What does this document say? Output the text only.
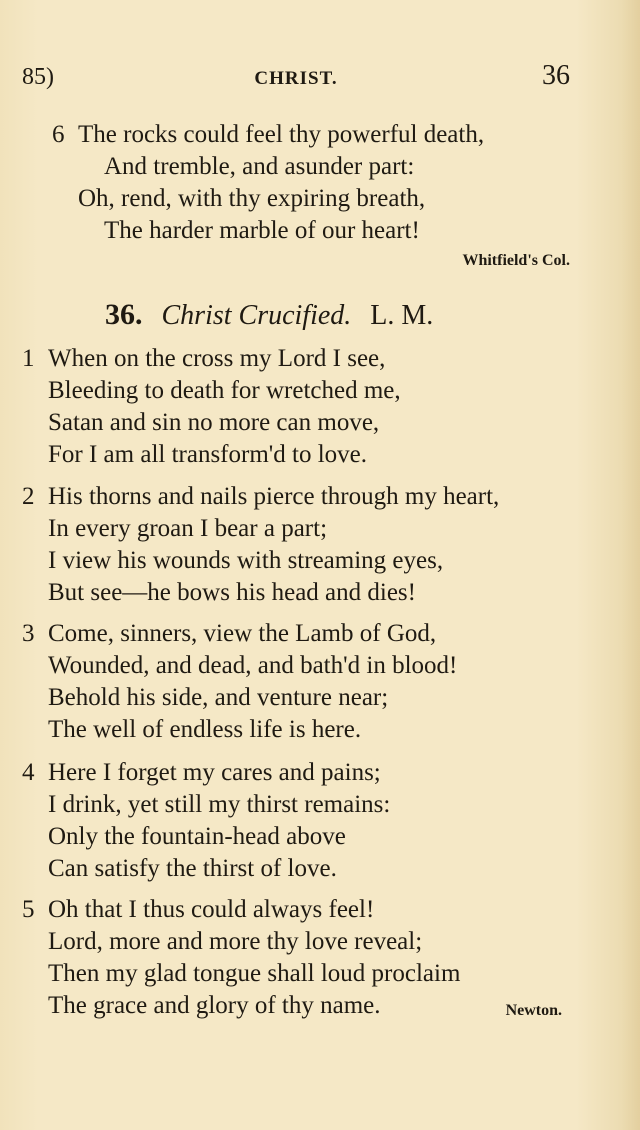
85)	CHRIST.	36
6 The rocks could feel thy powerful death,
And tremble, and asunder part:
Oh, rend, with thy expiring breath,
The harder marble of our heart!
Whitfield's Col.
36. Christ Crucified. L. M.
1 When on the cross my Lord I see,
Bleeding to death for wretched me,
Satan and sin no more can move,
For I am all transform'd to love.
2 His thorns and nails pierce through my heart,
In every groan I bear a part;
I view his wounds with streaming eyes,
But see—he bows his head and dies!
3 Come, sinners, view the Lamb of God,
Wounded, and dead, and bath'd in blood!
Behold his side, and venture near;
The well of endless life is here.
4 Here I forget my cares and pains;
I drink, yet still my thirst remains:
Only the fountain-head above
Can satisfy the thirst of love.
5 Oh that I thus could always feel!
Lord, more and more thy love reveal;
Then my glad tongue shall loud proclaim
The grace and glory of thy name.	Newton.
